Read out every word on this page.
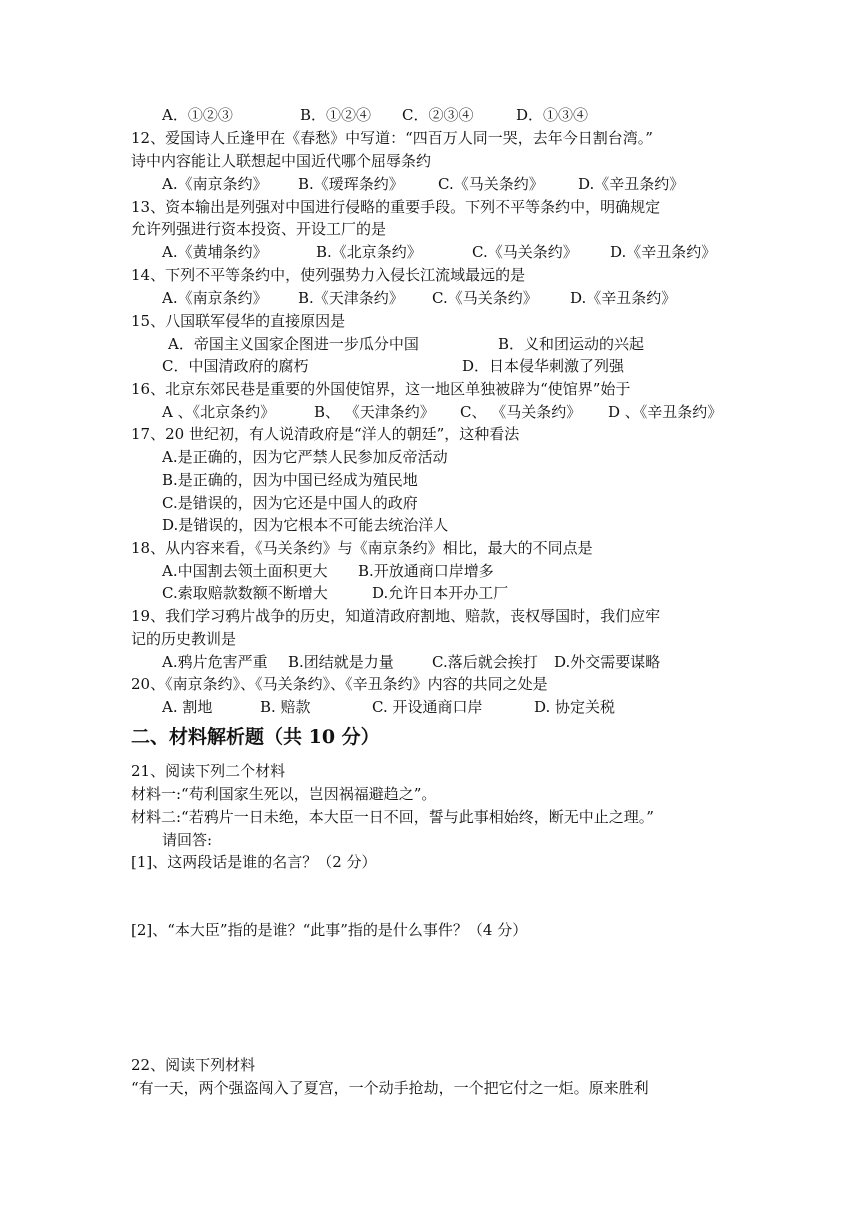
A．①②③	B．①②④ C．②③④	D．①③④
12、爱国诗人丘逢甲在《春愁》中写道：“四百万人同一哭，去年今日割台湾。”
诗中内容能让人联想起中国近代哪个屈辱条约
A.《南京条约》 B.《瑷珲条约》 C.《马关条约》 D.《辛丑条约》
13、资本输出是列强对中国进行侵略的重要手段。下列不平等条约中，明确规定
允许列强进行资本投资、开设工厂的是
A.《黄埔条约》	B.《北京条约》	C.《马关条约》 D.《辛丑条约》
14、下列不平等条约中，使列强势力入侵长江流域最远的是
A.《南京条约》 B.《天津条约》 C.《马关条约》 D.《辛丑条约》
15、八国联军侵华的直接原因是
A．帝国主义国家企图进一步瓜分中国	B．义和团运动的兴起
C．中国清政府的腐朽	D．日本侵华刺激了列强
16、北京东郊民巷是重要的外国使馆界，这一地区单独被辟为“使馆界”始于
A 、《北京条约》	B、 《天津条约》 C、 《马关条约》 D 、《辛丑条约》
17、20 世纪初，有人说清政府是“洋人的朝廷”，这种看法
A.是正确的，因为它严禁人民参加反帝活动
B.是正确的，因为中国已经成为殖民地
C.是错误的，因为它还是中国人的政府
D.是错误的，因为它根本不可能去统治洋人
18、从内容来看，《马关条约》与《南京条约》相比，最大的不同点是
A.中国割去领土面积更大 B.开放通商口岸增多
C.索取赔款数额不断增大	D.允许日本开办工厂
19、我们学习鸦片战争的历史，知道清政府割地、赔款，丧权辱国时，我们应牢
记的历史教训是
A.鸦片危害严重 B.团结就是力量	C.落后就会挨打 D.外交需要谋略
20、《南京条约》、《马关条约》、《辛丑条约》内容的共同之处是
A. 割地	B. 赔款	C. 开设通商口岸	D. 协定关税
二、材料解析题（共 10 分）
21、阅读下列二个材料
材料一:“苟利国家生死以，岂因祸福避趋之”。
材料二:“若鸦片一日未绝，本大臣一日不回，誓与此事相始终，断无中止之理。”
请回答:
[1]、这两段话是谁的名言？（2 分）
[2]、“本大臣”指的是谁？“此事”指的是什么事件？（4 分）
22、阅读下列材料
“有一天，两个强盗闯入了夏宫，一个动手抢劫，一个把它付之一炬。原来胜利
